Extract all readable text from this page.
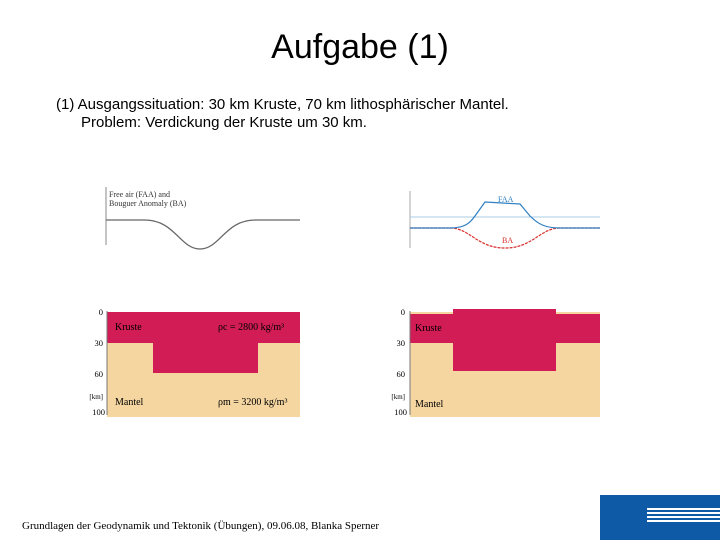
Aufgabe (1)
(1) Ausgangssituation: 30 km Kruste, 70 km lithosphärischer Mantel.
Problem: Verdickung der Kruste um 30 km.
Free air (FAA) and
Bouguer Anomaly (BA)	FAA
BA
0
30
60
[km]
100
Kruste	ρc = 2800 kg/m³
Mantel	ρm = 3200 kg/m³
0
30
60
[km]
100
Kruste
Mantel
Grundlagen der Geodynamik und Tektonik (Übungen), 09.06.08, Blanka Sperner
9
